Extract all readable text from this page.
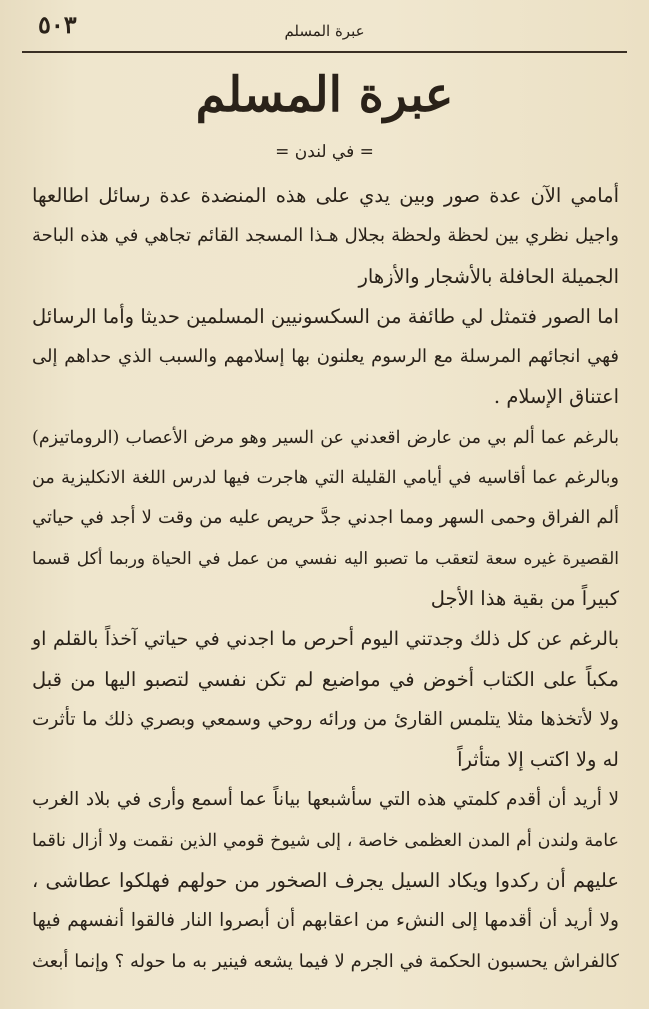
٥٠٣	عبرة المسلم
عبرة المسلم
= في لندن =

أمامي الآن عدة صور وبين يدي على هذه المنضدة عدة رسائل اطالعها
واجيل نظري بين لحظة ولحظة بجلال هـذا المسجد القائم تجاهي في هذه الباحة
الجميلة الحافلة بالأشجار والأزهار

اما الصور فتمثل لي طائفة من السكسونيين المسلمين حديثا وأما الرسائل
فهي انجائهم المرسلة مع الرسوم يعلنون بها إسلامهم والسبب الذي حداهم إلى
اعتناق الإسلام .

بالرغم عما ألم بي من عارض اقعدني عن السير وهو مرض الأعصاب (الروماتيزم)
وبالرغم عما أقاسيه في أيامي القليلة التي هاجرت فيها لدرس اللغة الانكليزية من
ألم الفراق وحمى السهر ومما اجدني جدَّ حريص عليه من وقت لا أجد في حياتي
القصيرة غيره سعة لتعقب ما تصبو اليه نفسي من عمل في الحياة وربما أكل قسما
كبيراً من بقية هذا الأجل

بالرغم عن كل ذلك وجدتني اليوم أحرص ما اجدني في حياتي آخذاً بالقلم او
مكباً على الكتاب أخوض في مواضيع لم تكن نفسي لتصبو اليها من قبل
ولا لأتخذها مثلا يتلمس القارئ من ورائه روحي وسمعي وبصري ذلك ما تأثرت
له ولا اكتب إلا متأثراً

لا أريد أن أقدم كلمتي هذه التي سأشبعها بياناً عما أسمع وأرى في بلاد الغرب
عامة ولندن أم المدن العظمى خاصة ، إلى شيوخ قومي الذين نقمت ولا أزال ناقما
عليهم أن ركدوا ويكاد السيل يجرف الصخور من حولهم فهلكوا عطاشى ،
ولا أريد أن أقدمها إلى النشء من اعقابهم أن أبصروا النار فالقوا أنفسهم فيها
كالفراش يحسبون الحكمة في الجرم لا فيما يشعه فينير به ما حوله ؟ وإنما أبعث
